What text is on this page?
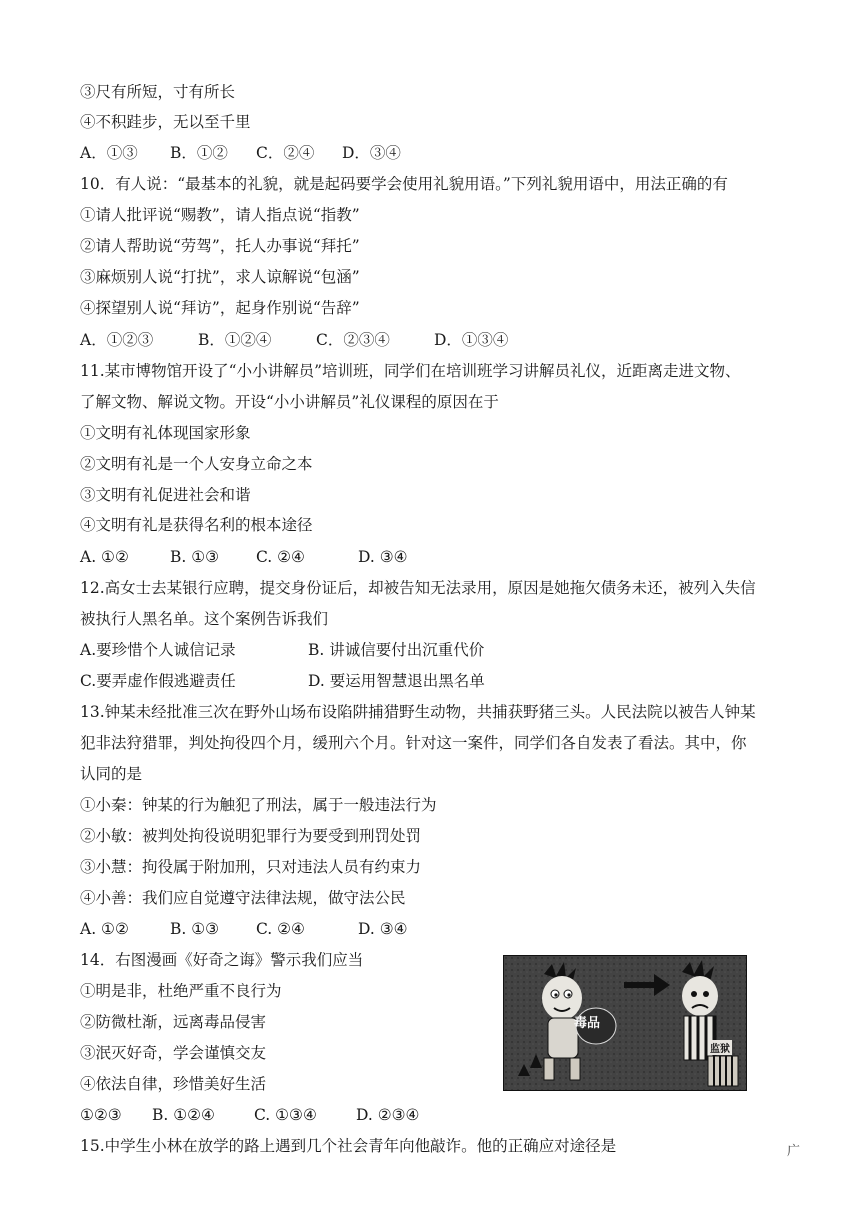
③尺有所短，寸有所长
④不积跬步，无以至千里
A．①③ B．①② C．②④ D．③④
10．有人说：“最基本的礼貌，就是起码要学会使用礼貌用语。”下列礼貌用语中，用法正确的有
①请人批评说“赐教”，请人指点说“指教”
②请人帮助说“劳驾”，托人办事说“拜托”
③麻烦别人说“打扰”，求人谅解说“包涵”
④探望别人说“拜访”，起身作别说“告辞”
A．①②③	B．①②④	C．②③④	D．①③④
11.某市博物馆开设了“小小讲解员”培训班，同学们在培训班学习讲解员礼仪，近距离走进文物、
了解文物、解说文物。开设“小小讲解员”礼仪课程的原因在于
①文明有礼体现国家形象
②文明有礼是一个人安身立命之本
③文明有礼促进社会和谐
④文明有礼是获得名利的根本途径
A. ①②	B. ①③ C. ②④	D. ③④
12.高女士去某银行应聘，提交身份证后，却被告知无法录用，原因是她拖欠债务未还，被列入失信
被执行人黑名单。这个案例告诉我们
A.要珍惜个人诚信记录	B. 讲诚信要付出沉重代价
C.要弄虚作假逃避责任	D. 要运用智慧退出黑名单
13.钟某未经批准三次在野外山场布设陷阱捕猎野生动物，共捕获野猪三头。人民法院以被告人钟某
犯非法狩猎罪，判处拘役四个月，缓刑六个月。针对这一案件，同学们各自发表了看法。其中，你
认同的是
①小秦：钟某的行为触犯了刑法，属于一般违法行为
②小敏：被判处拘役说明犯罪行为要受到刑罚处罚
③小慧：拘役属于附加刑，只对违法人员有约束力
④小善：我们应自觉遵守法律法规，做守法公民
A. ①②	B. ①③ C. ②④	D. ③④
14．右图漫画《好奇之诲》警示我们应当
①明是非，杜绝严重不良行为
②防微杜渐，远离毒品侵害
③泯灭好奇，学会谨慎交友
④依法自律，珍惜美好生活
①②③ B. ①②④	C. ①③④	D. ②③④
15.中学生小林在放学的路上遇到几个社会青年向他敲诈。他的正确应对途径是	广
毒品
监狱
